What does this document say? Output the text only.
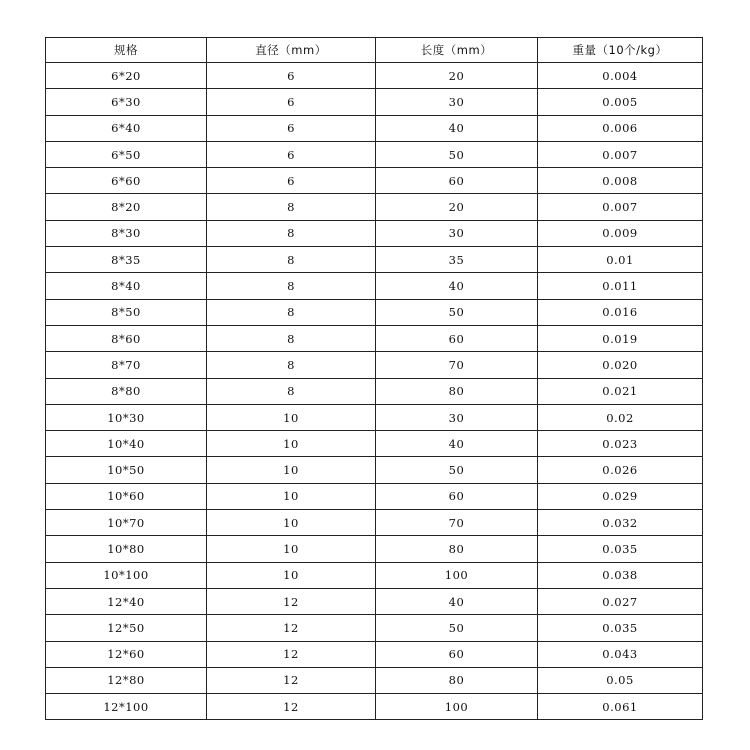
规格	直径（mm）	长度（mm）	重量（10个/kg）
6*20	6	20	0.004
6*30	6	30	0.005
6*40	6	40	0.006
6*50	6	50	0.007
6*60	6	60	0.008
8*20	8	20	0.007
8*30	8	30	0.009
8*35	8	35	0.01
8*40	8	40	0.011
8*50	8	50	0.016
8*60	8	60	0.019
8*70	8	70	0.020
8*80	8	80	0.021
10*30	10	30	0.02
10*40	10	40	0.023
10*50	10	50	0.026
10*60	10	60	0.029
10*70	10	70	0.032
10*80	10	80	0.035
10*100	10	100	0.038
12*40	12	40	0.027
12*50	12	50	0.035
12*60	12	60	0.043
12*80	12	80	0.05
12*100	12	100	0.061
